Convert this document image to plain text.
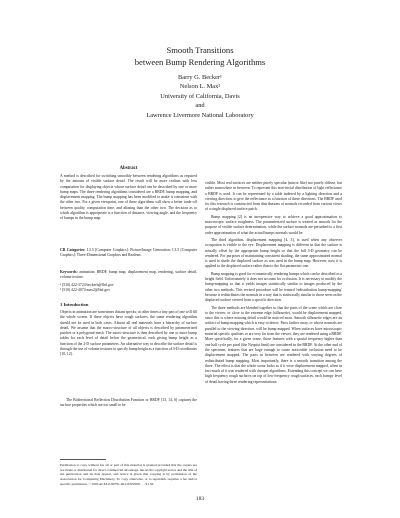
Smooth Transitions
between Bump Rendering Algorithms
Barry G. Becker¹
Nelson L. Max²
University of California, Davis
and
Lawrence Livermore National Laboratory
Abstract
A method is described for switching smoothly between rendering algorithms as required by the amount of visible surface detail. The result will be more realism with less computation for displaying objects whose surface detail can be described by one or more bump maps. The three rendering algorithms considered are a BRDF, bump mapping, and displacement mapping. The bump mapping has been modified to make it consistent with the other two. For a given viewpoint, one of these algorithms will show a better trade-off between quality, computation time, and aliasing than the other two. The decision as to which algorithm is appropriate is a function of distance, viewing angle, and the frequency of bumps in the bump map.
CR Categories: I.3.5 [Computer Graphics]: Picture/Image Generation; I.3.5 [Computer Graphics]: Three-Dimensional Graphics and Realism.
Keywords: animation, BRDF, bump map, displacement map, rendering, surface detail, volume texture.
¹ (510) 422-3724 beckerb@llnl.gov
² (510) 422-4074 max2@llnl.gov
1 Introduction
Objects in animation are sometimes distant specks; at other times a tiny part of one will fill the whole screen. If these objects have rough surfaces, the same rendering algorithm should not be used in both cases. Almost all real materials have a hierarchy of surface detail. We assume that the macro-structure of all objects is described by parameterized patches or a polygonal mesh. The micro-structure is then described by one or more bump tables for each level of detail below the geometrical, each giving bump height as a function of the 2-D surface parameters. An alternative way to describe the surface detail is through the use of volume textures to specify bump height as a function of 3-D coordinates [10, 12].
The Bidirectional Reflection Distribution Function or BRDF [13, 14, 6] captures the surface properties which are too small to be
Permission to copy without fee all or part of this material is granted provided that the copies are not made or distributed for direct commercial advantage, the ACM copyright notice and the title of the publication and its date appear, and notice is given that copying is by permission of the Association for Computing Machinery. To copy otherwise, or to republish, requires a fee and/or specific permission. ©1993 ACM-0-89791-601-8/93/008 . . . $1.50

visible. Most real surfaces are neither purely specular (mirror like) nor purely diffuse, but rather somewhere in between. To represent this non-trivial distribution of light reflectance a BRDF is used. It can be represented by a table indexed by a lighting direction and a viewing direction, to give the reflectance as a function of these directions. The BRDF used for this research is constructed from distributions of normals recorded from various views of a single displaced surface patch.

Bump mapping [2] is an inexpensive way to achieve a good approximation to macroscopic surface roughness. The parameterized surface is treated as smooth for the purpose of visible surface determination, while the surface normals are perturbed to a first order approximation of what the actual bumps normals would be.

The third algorithm, displacement mapping [4, 3], is used when any observer occupation is visible to the eye. Displacement mapping is different in that the surface is actually offset by the appropriate bump height so that the full 3-D geometry can be rendered. For purposes of maintaining consistent shading, the same approximated normal is used to shade the displaced surface as was used in the bump map. However, now it is applied to the displaced surface rather than to the flat parametric one.

Bump mapping is good for economically rendering bumps which can be described as a height field. Unfortunately it does not account for occlusion. It is necessary to modify the bump-mapping so that it yields images statistically similar to images produced by the other two methods. This revised procedure will be termed 'redistribution bump-mapping' because it redistributes the normals in a way that is statistically similar to those seen on the displaced surface viewed from a specific direction.

The three methods are blended together so that the parts of the scene which are close to the viewer, or close to the extreme edge (silhouette), would be displacement mapped, since this is where missing detail would be noticed most. Smooth silhouette edges are an artifact of bump mapping which is easy to detect. Parts farther away, or whose normals are parallel to the viewing direction, will be bump mapped. When surfaces have microscopic material specific qualities or are very far from the viewer, they are rendered using a BRDF. More specifically, for a given scene, those features with a spatial frequency higher than one half cycle per pixel (the Nyquist limit) are considered in the BRDF. At the other end of the spectrum, features that are large enough to cause noticeable occlusion need to be displacement mapped. The parts in between are rendered with varying degrees of redistributed bump mapping. Most importantly, there is a smooth transition among the three. The effect is that the whole scene looks as if it were displacement mapped, when in fact much of it was rendered with cheaper algorithms. Extending this concept we can have high frequency rough surfaces on top of low-frequency rough surfaces, each bumpy level of detail having three rendering representations.

183
